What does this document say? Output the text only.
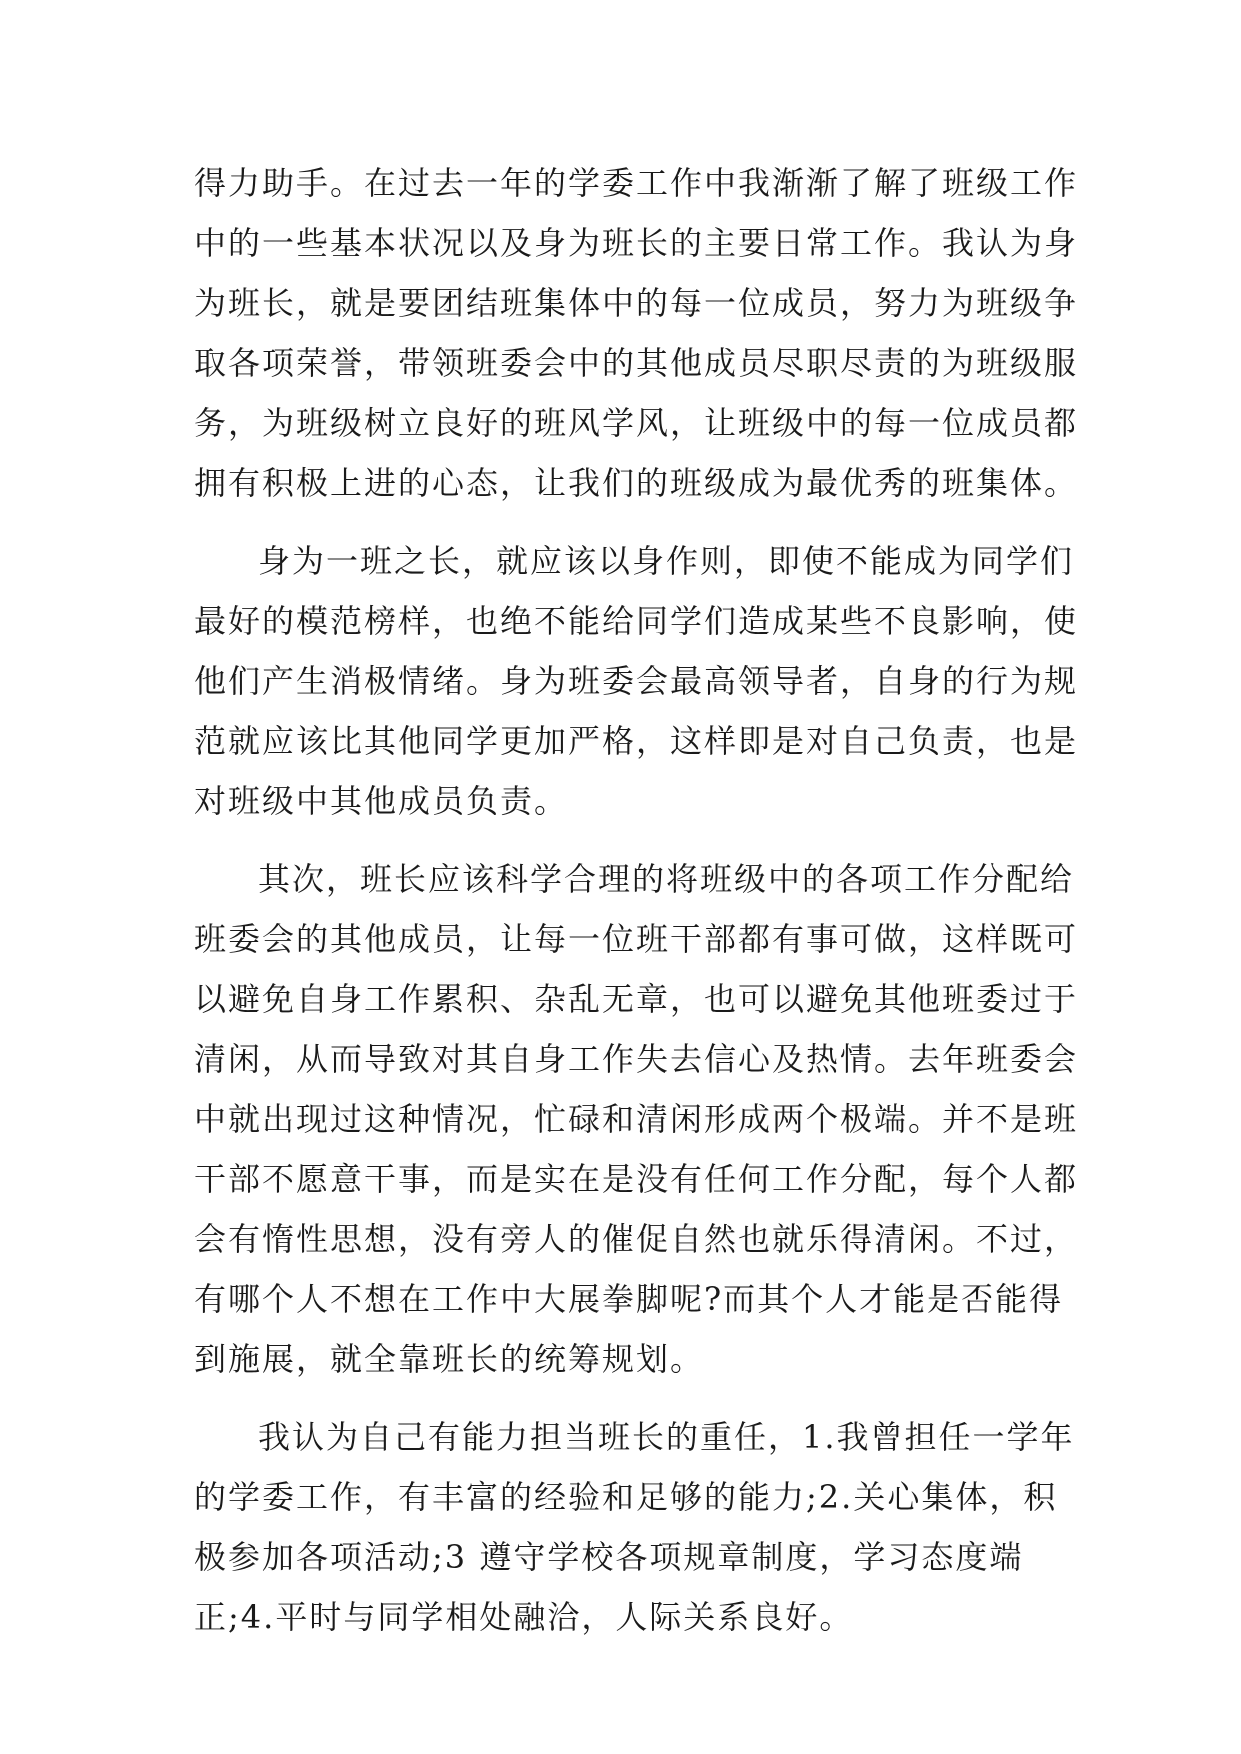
得力助手。在过去一年的学委工作中我渐渐了解了班级工作
中的一些基本状况以及身为班长的主要日常工作。我认为身
为班长，就是要团结班集体中的每一位成员，努力为班级争
取各项荣誉，带领班委会中的其他成员尽职尽责的为班级服
务，为班级树立良好的班风学风，让班级中的每一位成员都
拥有积极上进的心态，让我们的班级成为最优秀的班集体。
身为一班之长，就应该以身作则，即使不能成为同学们
最好的模范榜样，也绝不能给同学们造成某些不良影响，使
他们产生消极情绪。身为班委会最高领导者，自身的行为规
范就应该比其他同学更加严格，这样即是对自己负责，也是
对班级中其他成员负责。
其次，班长应该科学合理的将班级中的各项工作分配给
班委会的其他成员，让每一位班干部都有事可做，这样既可
以避免自身工作累积、杂乱无章，也可以避免其他班委过于
清闲，从而导致对其自身工作失去信心及热情。去年班委会
中就出现过这种情况，忙碌和清闲形成两个极端。并不是班
干部不愿意干事，而是实在是没有任何工作分配，每个人都
会有惰性思想，没有旁人的催促自然也就乐得清闲。不过，
有哪个人不想在工作中大展拳脚呢?而其个人才能是否能得
到施展，就全靠班长的统筹规划。
我认为自己有能力担当班长的重任，1.我曾担任一学年
的学委工作，有丰富的经验和足够的能力;2.关心集体，积
极参加各项活动;3 遵守学校各项规章制度，学习态度端
正;4.平时与同学相处融洽，人际关系良好。
